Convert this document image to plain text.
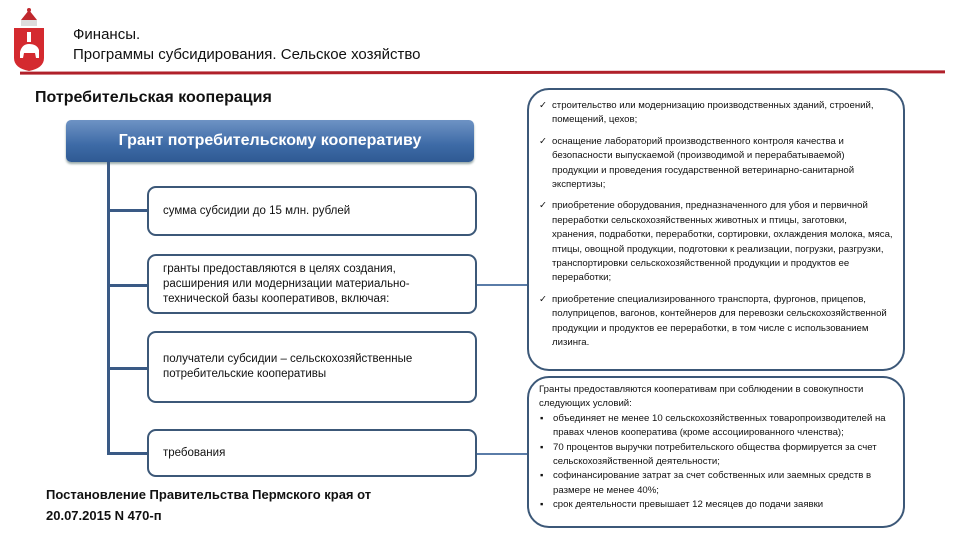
Финансы.
Программы субсидирования. Сельское хозяйство
Потребительская кооперация
Грант потребительскому кооперативу
сумма субсидии до 15 млн. рублей
гранты предоставляются в целях создания, расширения или модернизации материально-технической базы кооперативов, включая:
получатели субсидии – сельскохозяйственные потребительские кооперативы
требования
✓ строительство или модернизацию производственных зданий, строений, помещений, цехов;
✓ оснащение лабораторий производственного контроля качества и безопасности выпускаемой (производимой и перерабатываемой) продукции и проведения государственной ветеринарно-санитарной экспертизы;
✓ приобретение оборудования, предназначенного для убоя и первичной переработки сельскохозяйственных животных и птицы, заготовки, хранения, подработки, переработки, сортировки, охлаждения молока, мяса, птицы, овощной продукции, подготовки к реализации, погрузки, разгрузки, транспортировки сельскохозяйственной продукции и продуктов ее переработки;
✓ приобретение специализированного транспорта, фургонов, прицепов, полуприцепов, вагонов, контейнеров для перевозки сельскохозяйственной продукции и продуктов ее переработки, в том числе с использованием лизинга.
Гранты предоставляются кооперативам при соблюдении в совокупности следующих условий:
▪ объединяет не менее 10 сельскохозяйственных товаропроизводителей на правах членов кооператива (кроме ассоциированного членства);
▪ 70 процентов выручки потребительского общества формируется за счет сельскохозяйственной деятельности;
▪ софинансирование затрат за счет собственных или заемных средств в размере не менее 40%;
▪ срок деятельности превышает 12 месяцев до подачи заявки
Постановление Правительства Пермского края от
20.07.2015 N 470-п
